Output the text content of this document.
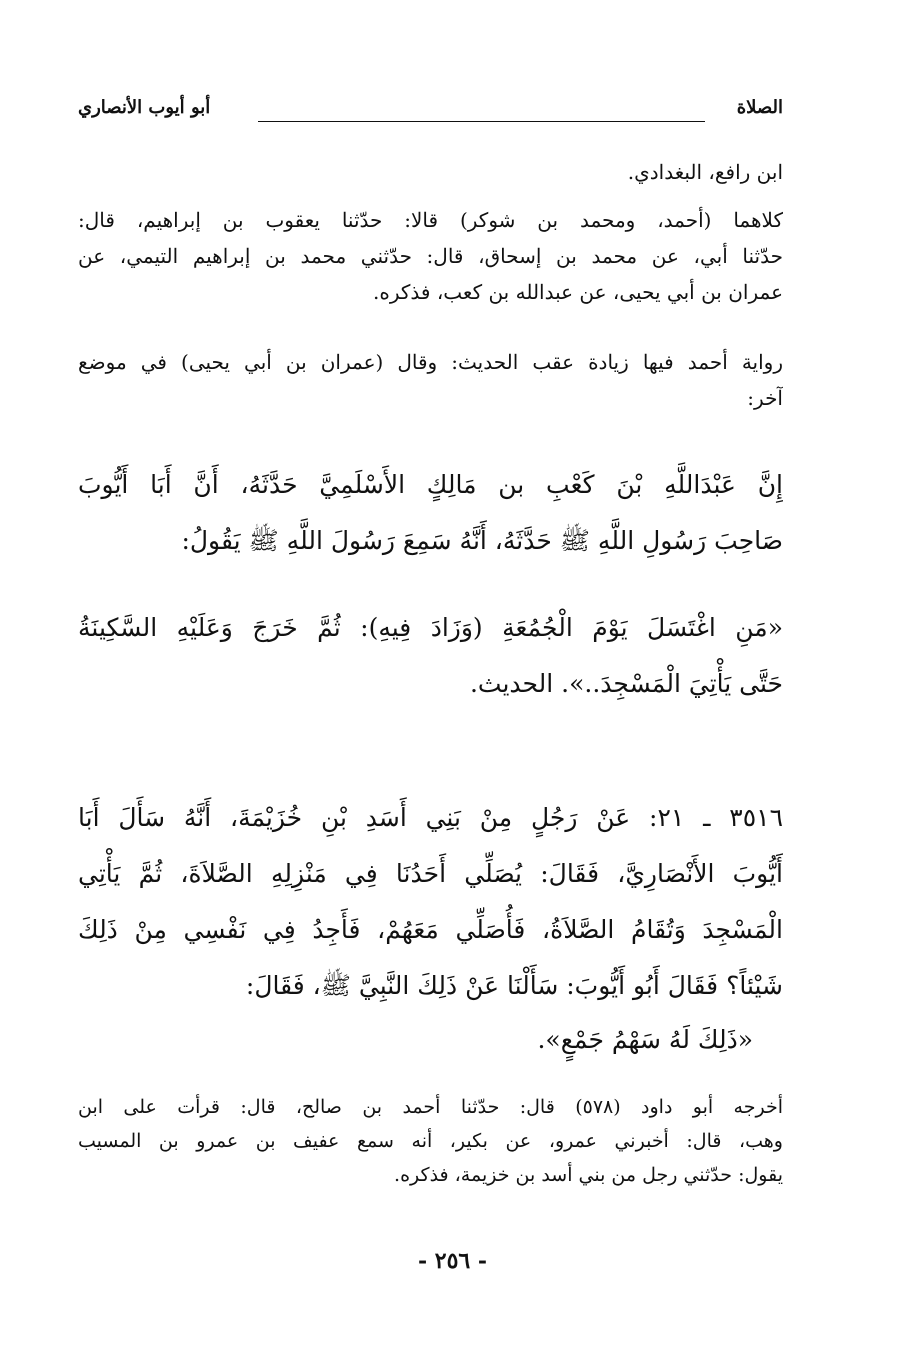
الصلاة
أبو أيوب الأنصاري
ابن رافع، البغدادي.
كلاهما (أحمد، ومحمد بن شوكر) قالا: حدّثنا يعقوب بن إبراهيم، قال:
حدّثنا أبي، عن محمد بن إسحاق، قال: حدّثني محمد بن إبراهيم التيمي، عن
عمران بن أبي يحيى، عن عبدالله بن كعب، فذكره.
رواية أحمد فيها زيادة عقب الحديث: وقال (عمران بن أبي يحيى) في موضع
آخر:
إِنَّ عَبْدَاللَّهِ بْنَ كَعْبِ بن مَالِكٍ الأَسْلَمِيَّ حَدَّثَهُ، أَنَّ أَبَا أَيُّوبَ
صَاحِبَ رَسُولِ اللَّهِ ﷺ حَدَّثَهُ، أَنَّهُ سَمِعَ رَسُولَ اللَّهِ ﷺ يَقُولُ:
«مَنِ اغْتَسَلَ يَوْمَ الْجُمُعَةِ (وَزَادَ فِيهِ): ثُمَّ خَرَجَ وَعَلَيْهِ السَّكِينَةُ
حَتَّى يَأْتِيَ الْمَسْجِدَ..». الحديث.
٣٥١٦ ـ ٢١: عَنْ رَجُلٍ مِنْ بَنِي أَسَدِ بْنِ خُزَيْمَةَ، أَنَّهُ سَأَلَ أَبَا
أَيُّوبَ الأَنْصَارِيَّ، فَقَالَ: يُصَلِّي أَحَدُنَا فِي مَنْزِلِهِ الصَّلاَةَ، ثُمَّ يَأْتِي
الْمَسْجِدَ وَتُقَامُ الصَّلاَةُ، فَأُصَلِّي مَعَهُمْ، فَأَجِدُ فِي نَفْسِي مِنْ ذَلِكَ
شَيْئاً؟ فَقَالَ أَبُو أَيُّوبَ: سَأَلْنَا عَنْ ذَلِكَ النَّبِيَّ ﷺ، فَقَالَ:
«ذَلِكَ لَهُ سَهْمُ جَمْعٍ».
أخرجه أبو داود (٥٧٨) قال: حدّثنا أحمد بن صالح، قال: قرأت على ابن
وهب، قال: أخبرني عمرو، عن بكير، أنه سمع عفيف بن عمرو بن المسيب
يقول: حدّثني رجل من بني أسد بن خزيمة، فذكره.
- ٢٥٦ -
